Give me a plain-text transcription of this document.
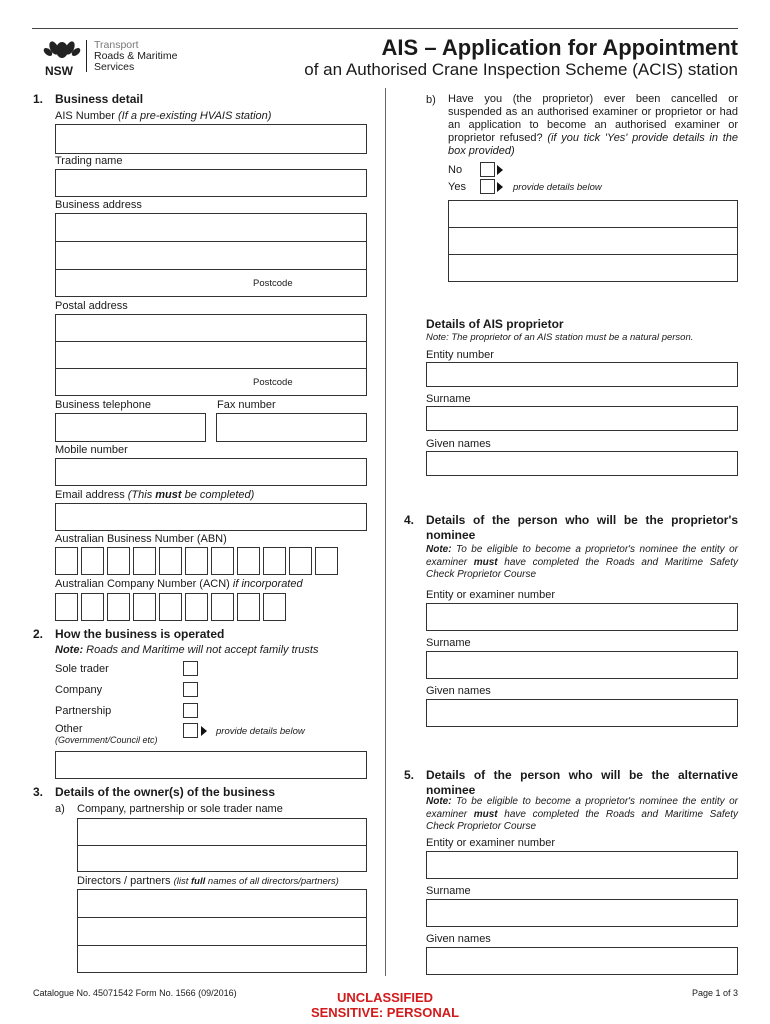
NSW
Transport
Roads & Maritime
Services
AIS – Application for Appointment
of an Authorised Crane Inspection Scheme (ACIS) station
1. Business detail
AIS Number (If a pre-existing HVAIS station)
Trading name
Business address
Postcode
Postal address
Postcode
Business telephone	Fax number
Mobile number
Email address (This must be completed)
Australian Business Number (ABN)
Australian Company Number (ACN) if incorporated
2. How the business is operated
Note: Roads and Maritime will not accept family trusts
Sole trader
Company
Partnership
Other
(Government/Council etc)
provide details below
3. Details of the owner(s) of the business
a) Company, partnership or sole trader name
Directors / partners (list full names of all directors/partners)
b) Have you (the proprietor) ever been cancelled or suspended as an authorised examiner or proprietor or had an application to become an authorised examiner or proprietor refused? (if you tick 'Yes' provide details in the box provided)
No
Yes	provide details below
Details of AIS proprietor
Note: The proprietor of an AIS station must be a natural person.
Entity number
Surname
Given names
4. Details of the person who will be the proprietor's nominee
Note: To be eligible to become a proprietor's nominee the entity or examiner must have completed the Roads and Maritime Safety Check Proprietor Course
Entity or examiner number
Surname
Given names
5. Details of the person who will be the alternative nominee
Note: To be eligible to become a proprietor's nominee the entity or examiner must have completed the Roads and Maritime Safety Check Proprietor Course
Entity or examiner number
Surname
Given names
Catalogue No. 45071542 Form No. 1566 (09/2016)	UNCLASSIFIED
SENSITIVE: PERSONAL
Page 1 of 3
